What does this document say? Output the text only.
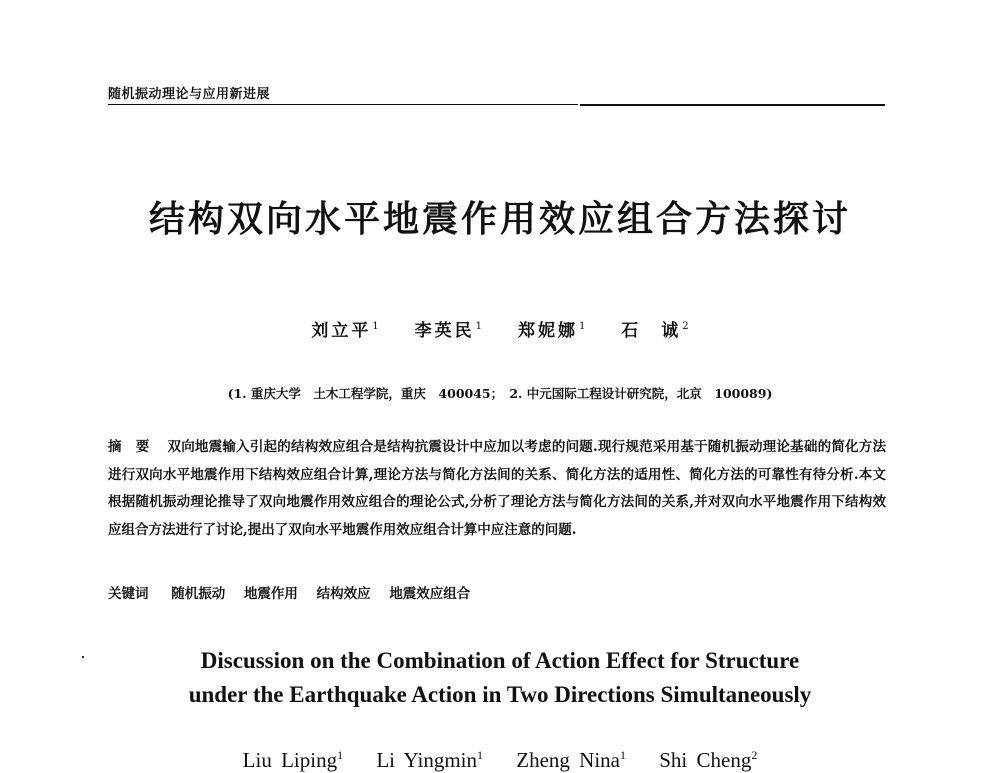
随机振动理论与应用新进展
结构双向水平地震作用效应组合方法探讨
刘立平$^1$ 李英民$^1$ 郑妮娜$^1$ 石　诚$^2$
(1. 重庆大学　土木工程学院，重庆　400045；　2. 中元国际工程设计研究院，北京　100089)
摘要 双向地震输入引起的结构效应组合是结构抗震设计中应加以考虑的问题.现行规范采用基于随机振动理论基础的简化方法进行双向水平地震作用下结构效应组合计算,理论方法与简化方法间的关系、简化方法的适用性、简化方法的可靠性有待分析.本文根据随机振动理论推导了双向地震作用效应组合的理论公式,分析了理论方法与简化方法间的关系,并对双向水平地震作用下结构效应组合方法进行了讨论,提出了双向水平地震作用效应组合计算中应注意的问题.
关键词 随机振动 地震作用 结构效应 地震效应组合
Discussion on the Combination of Action Effect for Structure
under the Earthquake Action in Two Directions Simultaneously
Liu Liping$^1$ Li Yingmin$^1$ Zheng Nina$^1$ Shi Cheng$^2$
